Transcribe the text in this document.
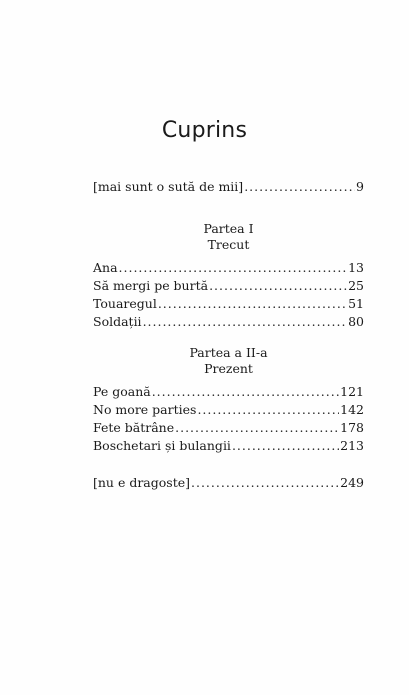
Cuprins
[mai sunt o sută de mii] .....	9
Partea I
Trecut
Ana .....	13
Să mergi pe burtă .....	25
Touaregul .....	51
Soldații .....	80
Partea a II-a
Prezent
Pe goană .....	121
No more parties .....	142
Fete bătrâne .....	178
Boschetari și bulangii .....	213
[nu e dragoste] .....	249
